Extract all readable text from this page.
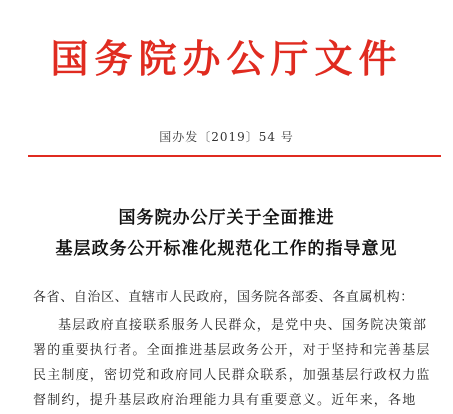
国务院办公厅文件
国办发〔2019〕54 号
国务院办公厅关于全面推进
基层政务公开标准化规范化工作的指导意见
各省、自治区、直辖市人民政府，国务院各部委、各直属机构：
基层政府直接联系服务人民群众，是党中央、国务院决策部
署的重要执行者。全面推进基层政务公开，对于坚持和完善基层
民主制度，密切党和政府同人民群众联系，加强基层行政权力监
督制约，提升基层政府治理能力具有重要意义。近年来，各地
